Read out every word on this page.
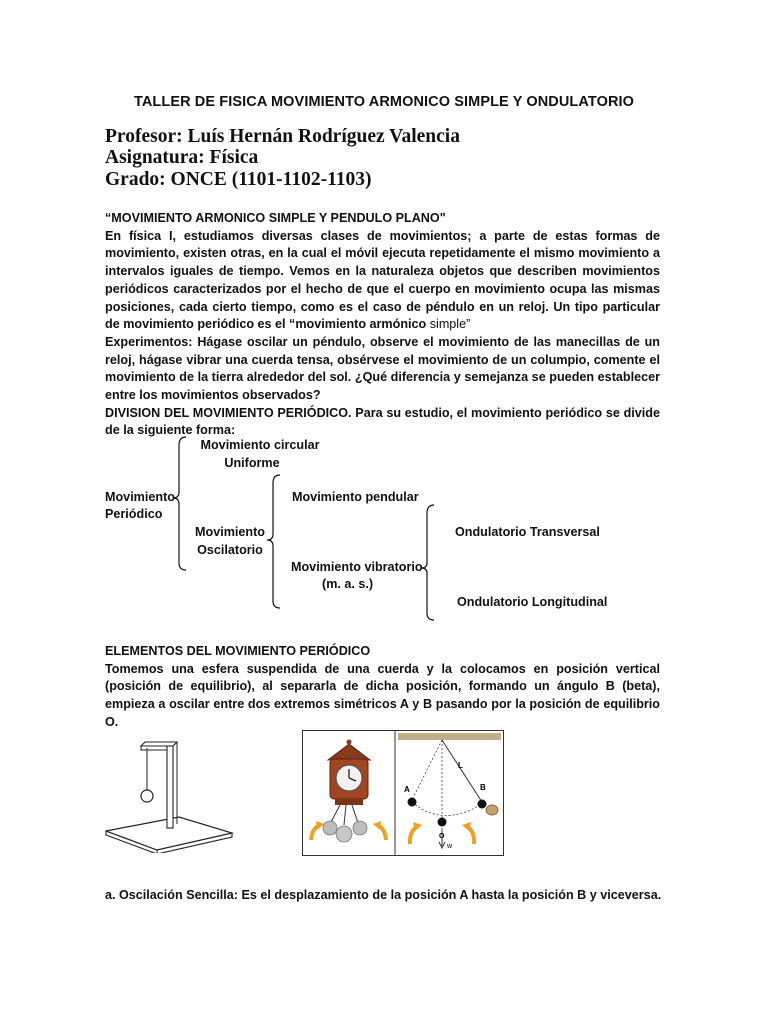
TALLER DE FISICA MOVIMIENTO ARMONICO SIMPLE Y ONDULATORIO
Profesor: Luís Hernán Rodríguez Valencia
Asignatura: Física
Grado: ONCE (1101-1102-1103)

“MOVIMIENTO ARMONICO SIMPLE Y PENDULO PLANO"

En física I, estudiamos diversas clases de movimientos; a parte de estas formas de movimiento, existen otras, en la cual el móvil ejecuta repetidamente el mismo movimiento a intervalos iguales de tiempo. Vemos en la naturaleza objetos que describen movimientos periódicos caracterizados por el hecho de que el cuerpo en movimiento ocupa las mismas posiciones, cada cierto tiempo, como es el caso de péndulo en un reloj. Un tipo particular de movimiento periódico es el “movimiento armónico simple”

Experimentos: Hágase oscilar un péndulo, observe el movimiento de las manecillas de un reloj, hágase vibrar una cuerda tensa, obsérvese el movimiento de un columpio, comente el movimiento de la tierra alrededor del sol. ¿Qué diferencia y semejanza se pueden establecer entre los movimientos observados?

DIVISION DEL MOVIMIENTO PERIÓDICO. Para su estudio, el movimiento periódico se divide de la siguiente forma:

Movimiento
Periódico
Movimiento circular
Uniforme
Movimiento
Oscilatorio
Movimiento pendular
Movimiento vibratorio
(m. a. s.)
Ondulatorio Transversal
Ondulatorio Longitudinal

ELEMENTOS DEL MOVIMIENTO PERIÓDICO

Tomemos una esfera suspendida de una cuerda y la colocamos en posición vertical (posición de equilibrio), al separarla de dicha posición, formando un ángulo B (beta), empieza a oscilar entre dos extremos simétricos A y B pasando por la posición de equilibrio O.

A	B
L
O
w
a. Oscilación Sencilla: Es el desplazamiento de la posición A hasta la posición B y viceversa.
